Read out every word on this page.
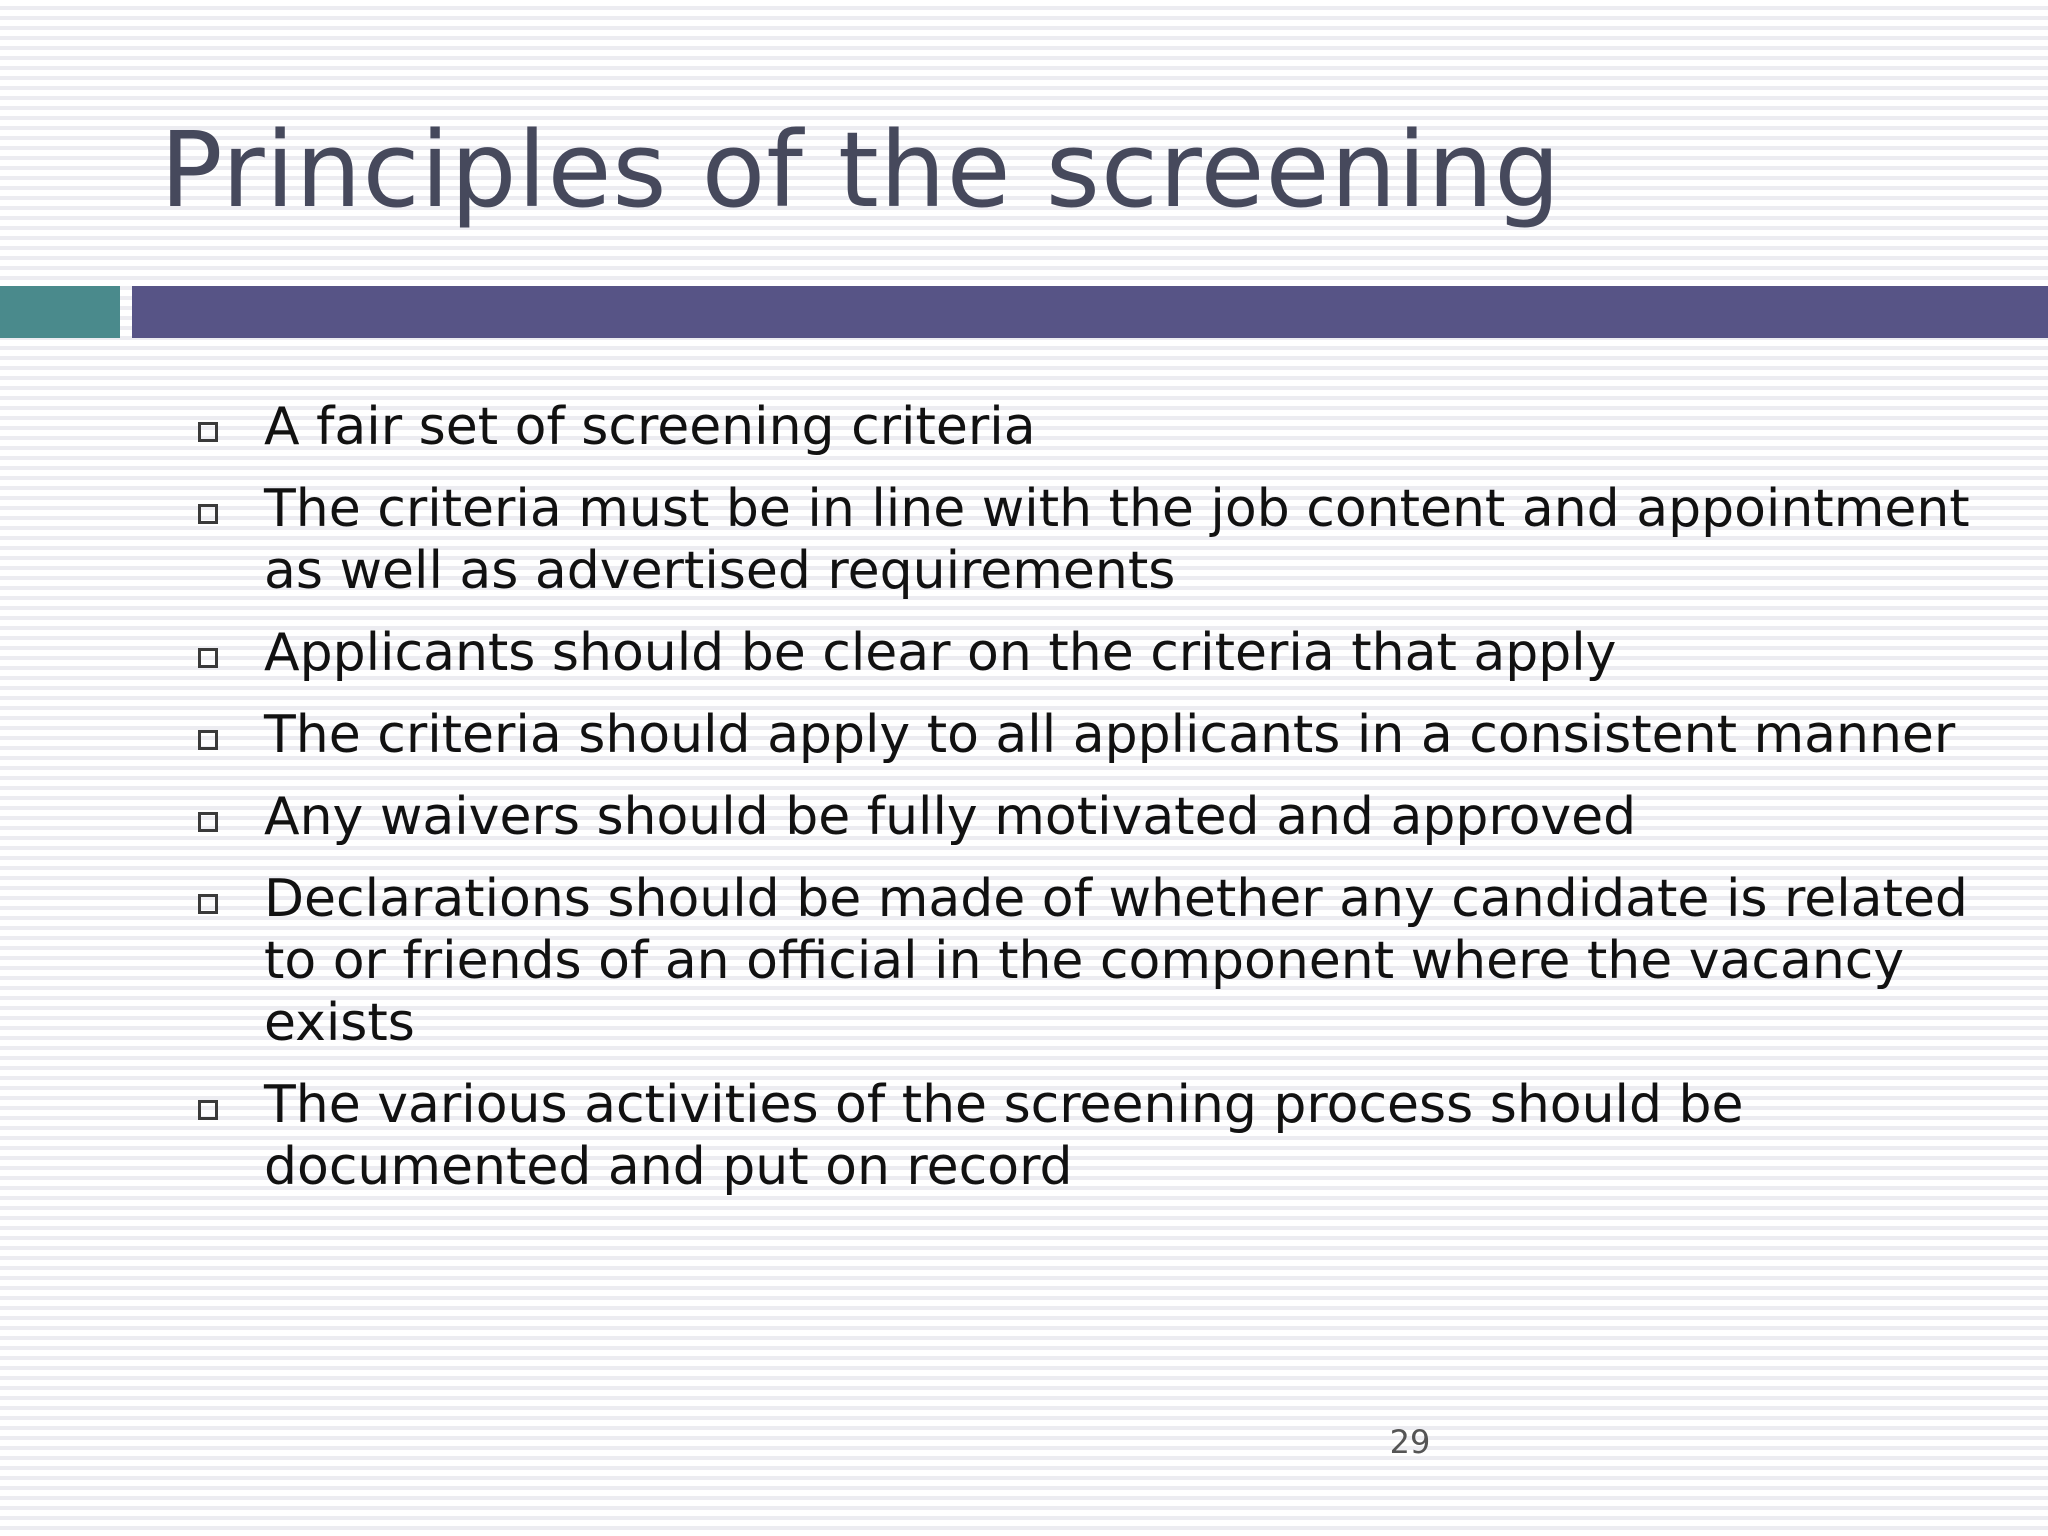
Principles of the screening
A fair set of screening criteria
The criteria must be in line with the job content and appointment as well as advertised requirements
Applicants should be clear on the criteria that apply
The criteria should apply to all applicants in a consistent manner
Any waivers should be fully motivated and approved
Declarations should be made of whether any candidate is related to or friends of an official in the component where the vacancy exists
The various activities of the screening process should be documented and put on record
29
